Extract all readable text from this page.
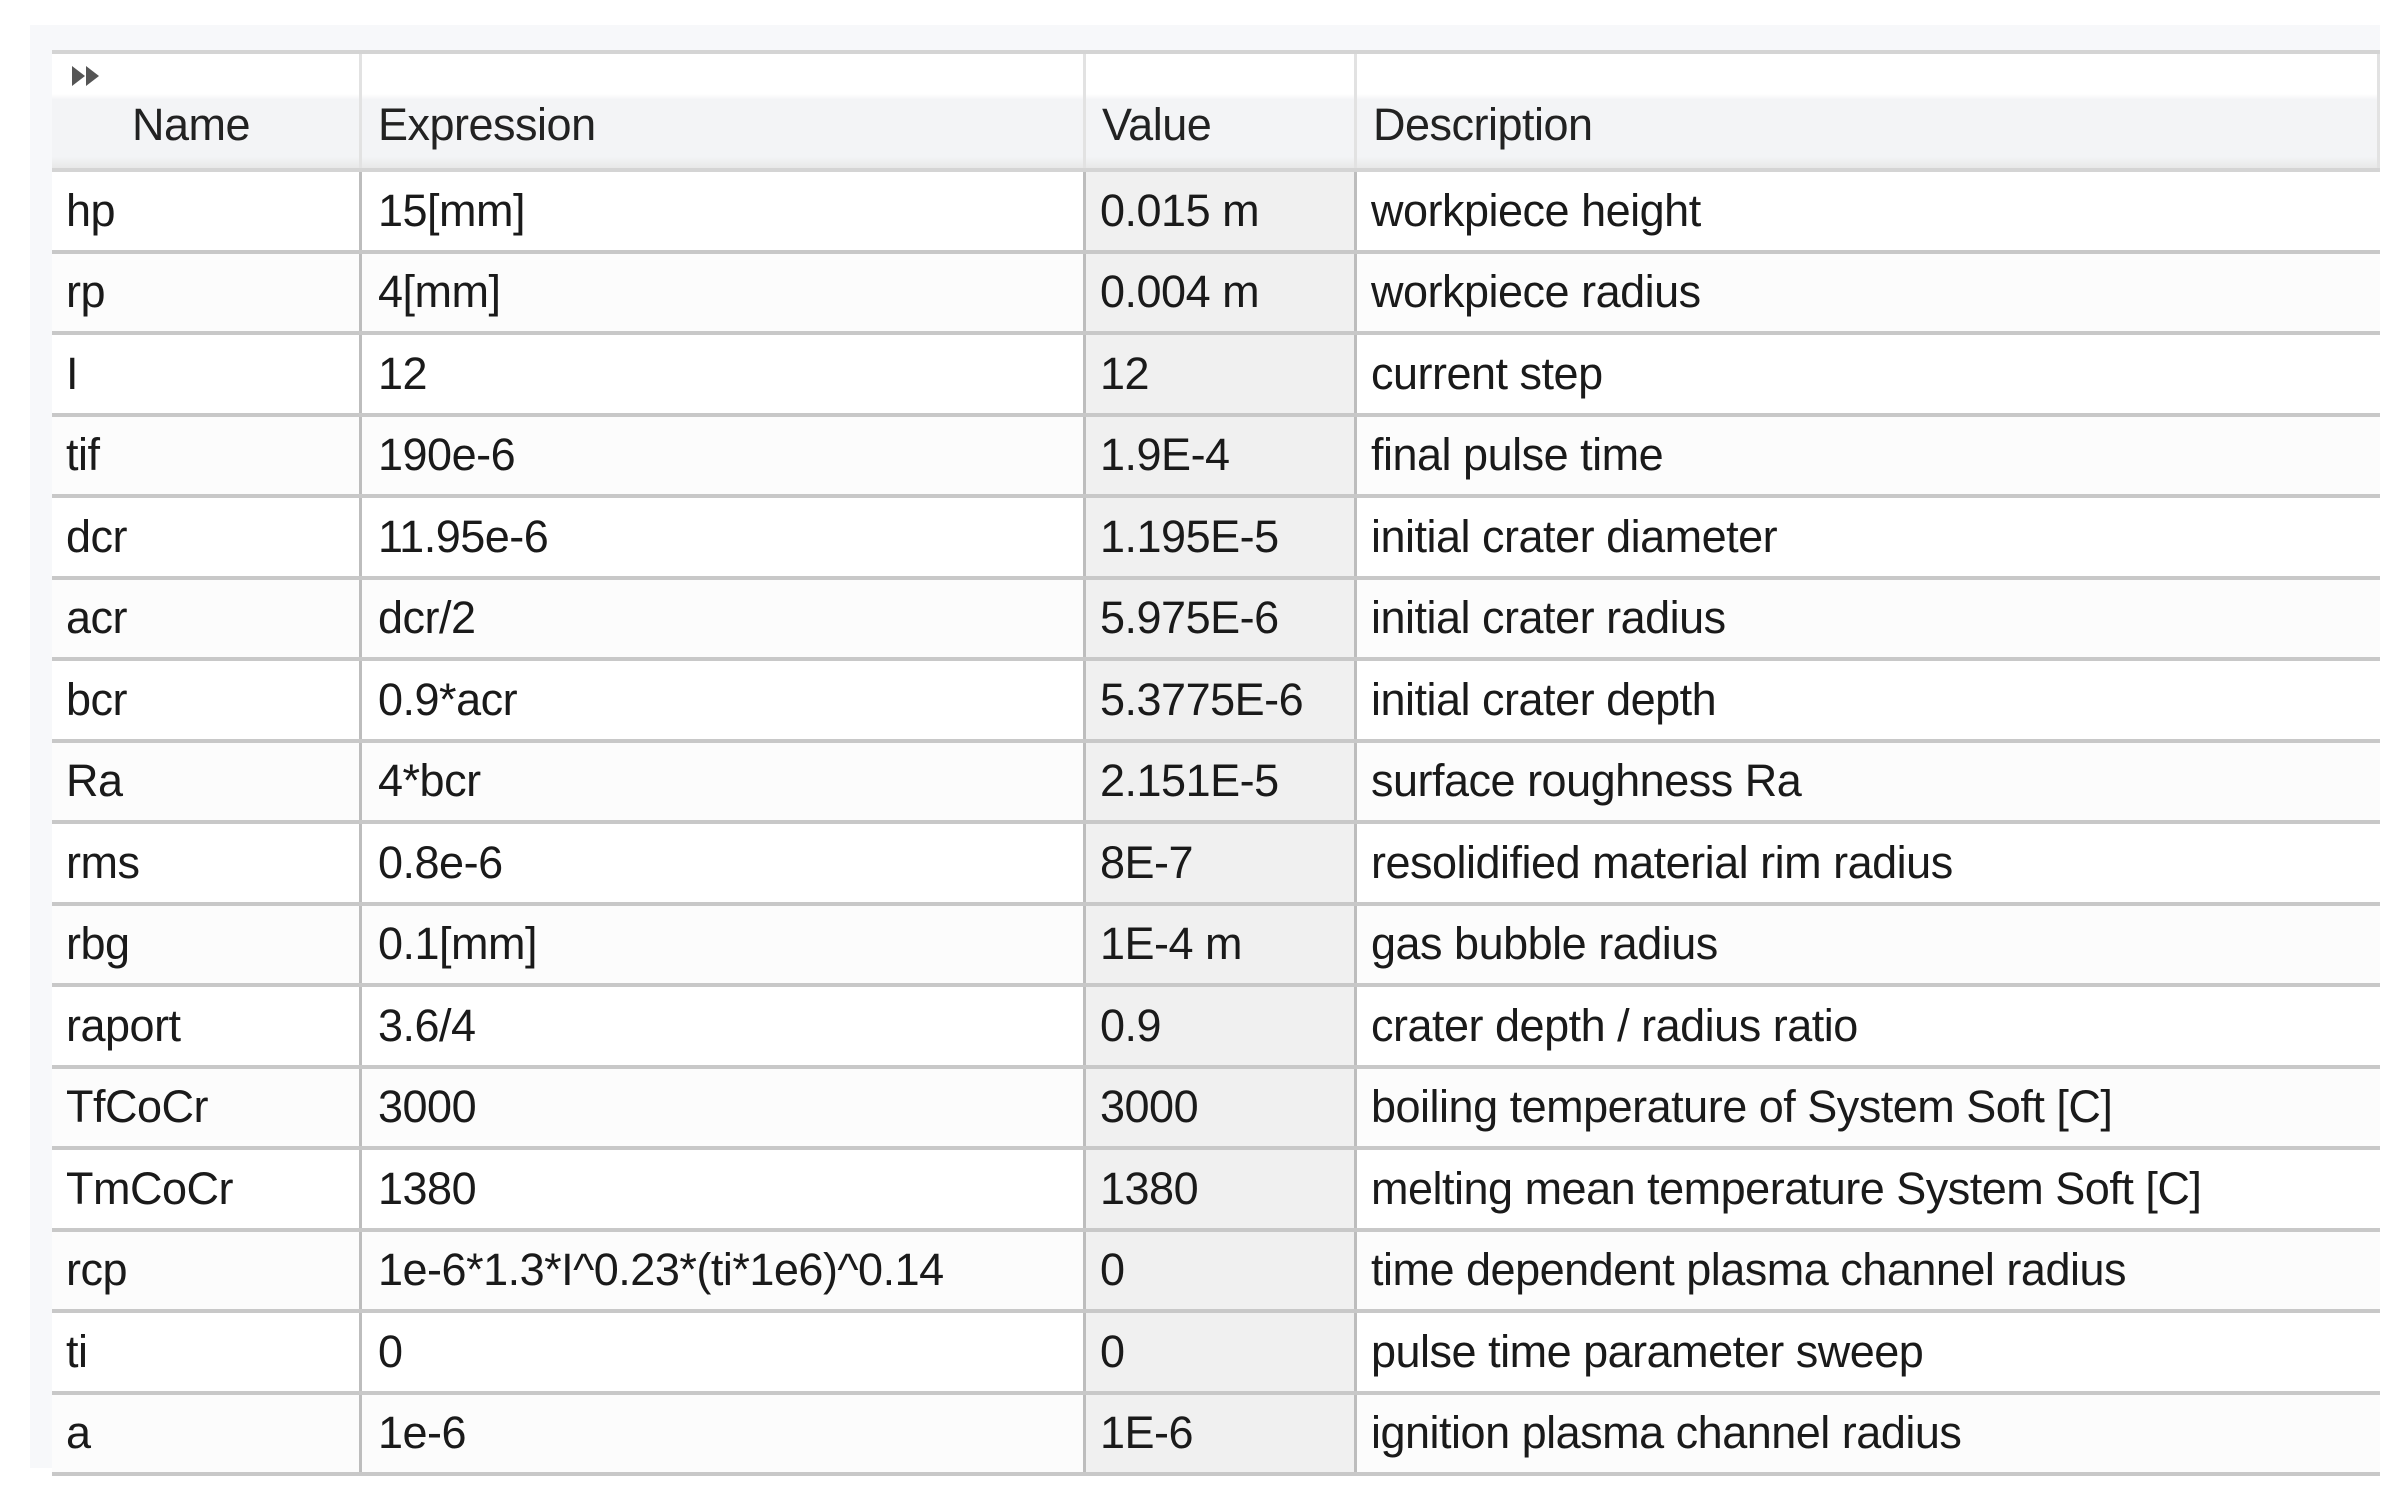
Name	Expression	Value	Description
hp	15[mm]	0.015 m	workpiece height
rp	4[mm]	0.004 m	workpiece radius
I	12	12	current step
tif	190e-6	1.9E-4	final pulse time
dcr	11.95e-6	1.195E-5	initial crater diameter
acr	dcr/2	5.975E-6	initial crater radius
bcr	0.9*acr	5.3775E-6	initial crater depth
Ra	4*bcr	2.151E-5	surface roughness Ra
rms	0.8e-6	8E-7	resolidified material rim radius
rbg	0.1[mm]	1E-4 m	gas bubble radius
raport	3.6/4	0.9	crater depth / radius ratio
TfCoCr	3000	3000	boiling temperature of System Soft [C]
TmCoCr	1380	1380	melting mean temperature System Soft [C]
rcp	1e-6*1.3*I^0.23*(ti*1e6)^0.14	0	time dependent plasma channel radius
ti	0	0	pulse time parameter sweep
a	1e-6	1E-6	ignition plasma channel radius
